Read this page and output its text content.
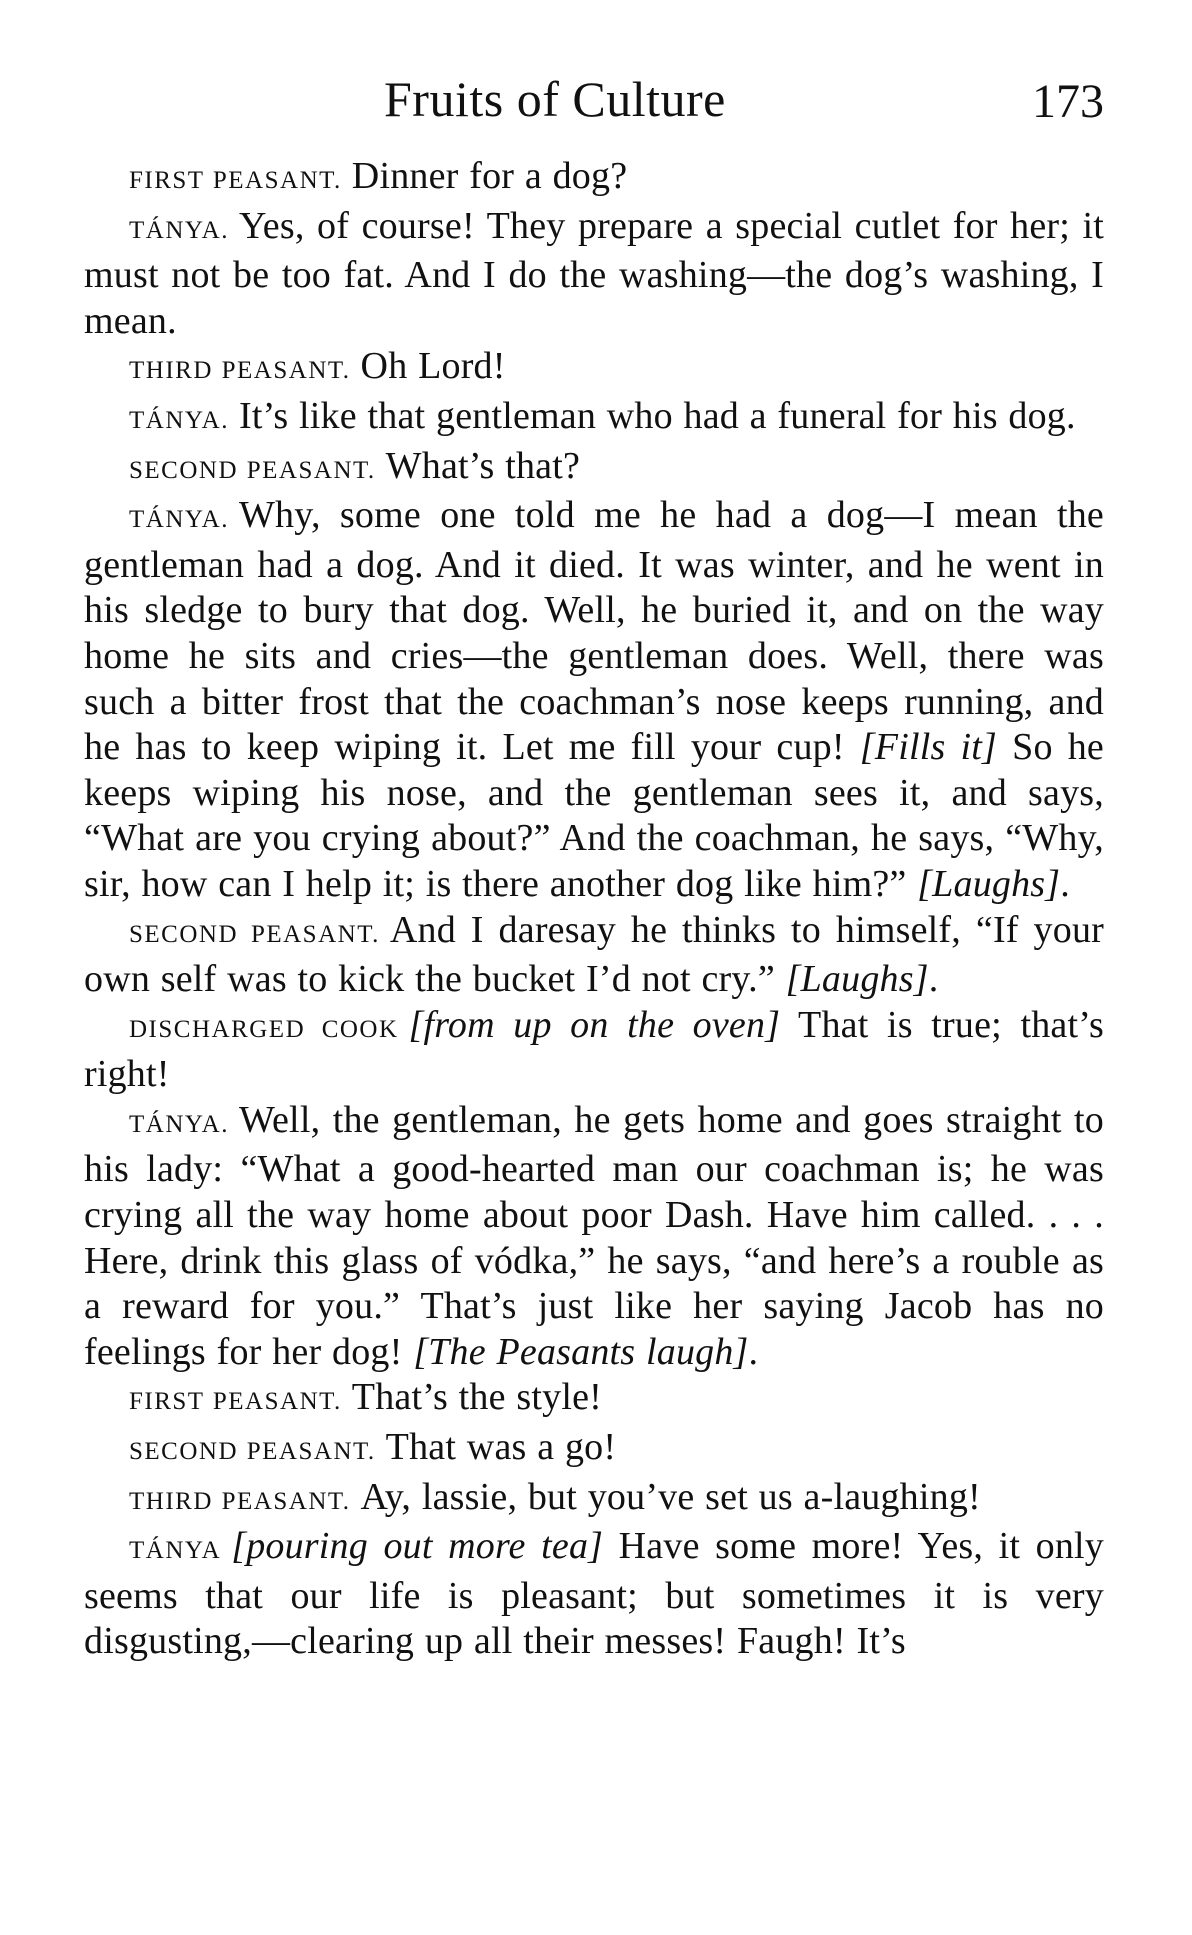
Fruits of Culture	173

FIRST PEASANT. Dinner for a dog?

TÁNYA. Yes, of course! They prepare a special cutlet for her; it must not be too fat. And I do the washing—the dog’s washing, I mean.

THIRD PEASANT. Oh Lord!

TÁNYA. It’s like that gentleman who had a funeral for his dog.

SECOND PEASANT. What’s that?

TÁNYA. Why, some one told me he had a dog—I mean the gentleman had a dog. And it died. It was winter, and he went in his sledge to bury that dog. Well, he buried it, and on the way home he sits and cries—the gentleman does. Well, there was such a bitter frost that the coachman’s nose keeps running, and he has to keep wiping it. Let me fill your cup! [Fills it] So he keeps wiping his nose, and the gentleman sees it, and says, “What are you crying about?” And the coachman, he says, “Why, sir, how can I help it; is there another dog like him?” [Laughs].

SECOND PEASANT. And I daresay he thinks to himself, “If your own self was to kick the bucket I’d not cry.” [Laughs].

DISCHARGED COOK [from up on the oven] That is true; that’s right!

TÁNYA. Well, the gentleman, he gets home and goes straight to his lady: “What a good-hearted man our coachman is; he was crying all the way home about poor Dash. Have him called. . . . Here, drink this glass of vódka,” he says, “and here’s a rouble as a reward for you.” That’s just like her saying Jacob has no feelings for her dog! [The Peasants laugh].

FIRST PEASANT. That’s the style!

SECOND PEASANT. That was a go!

THIRD PEASANT. Ay, lassie, but you’ve set us a-laughing!

TÁNYA [pouring out more tea] Have some more! Yes, it only seems that our life is pleasant; but sometimes it is very disgusting,—clearing up all their messes! Faugh! It’s
